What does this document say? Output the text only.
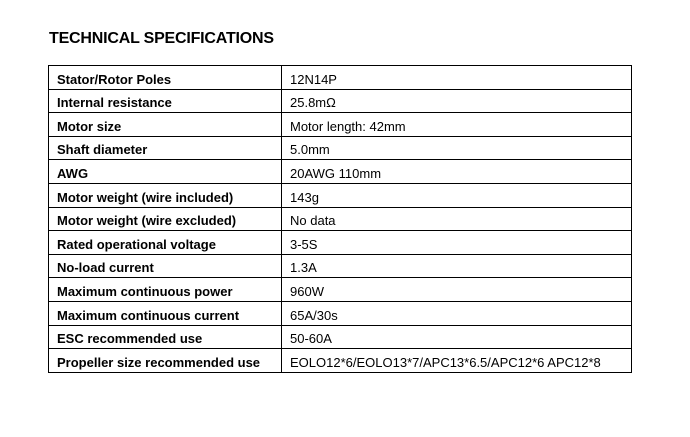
TECHNICAL SPECIFICATIONS
Stator/Rotor Poles	12N14P
Internal resistance	25.8mΩ
Motor size	Motor length: 42mm
Shaft diameter	5.0mm
AWG	20AWG 110mm
Motor weight (wire included)	143g
Motor weight (wire excluded)	No data
Rated operational voltage	3-5S
No-load current	1.3A
Maximum continuous power	960W
Maximum continuous current	65A/30s
ESC recommended use	50-60A
Propeller size recommended use	EOLO12*6/EOLO13*7/APC13*6.5/APC12*6 APC12*8
